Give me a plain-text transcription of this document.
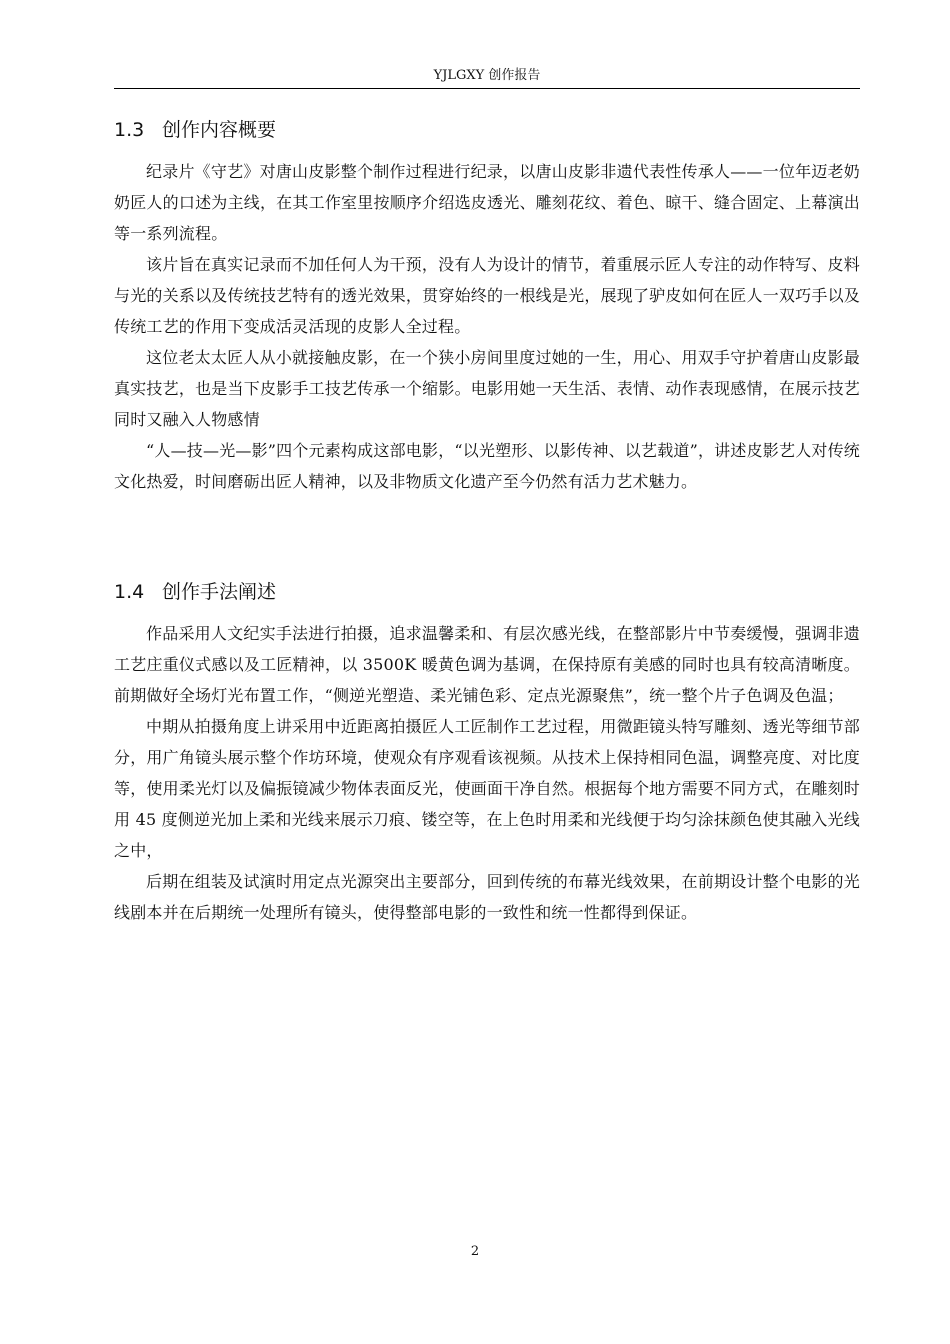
YJLGXY 创作报告
1.3 创作内容概要

纪录片《守艺》对唐山皮影整个制作过程进行纪录，以唐山皮影非遗代表性传承人——一位年迈老奶奶匠人的口述为主线，在其工作室里按顺序介绍选皮透光、雕刻花纹、着色、晾干、缝合固定、上幕演出等一系列流程。

该片旨在真实记录而不加任何人为干预，没有人为设计的情节，着重展示匠人专注的动作特写、皮料与光的关系以及传统技艺特有的透光效果，贯穿始终的一根线是光，展现了驴皮如何在匠人一双巧手以及传统工艺的作用下变成活灵活现的皮影人全过程。

这位老太太匠人从小就接触皮影，在一个狭小房间里度过她的一生，用心、用双手守护着唐山皮影最真实技艺，也是当下皮影手工技艺传承一个缩影。电影用她一天生活、表情、动作表现感情，在展示技艺同时又融入人物感情

“人—技—光—影”四个元素构成这部电影，“以光塑形、以影传神、以艺载道”，讲述皮影艺人对传统文化热爱，时间磨砺出匠人精神，以及非物质文化遗产至今仍然有活力艺术魅力。

1.4 创作手法阐述

作品采用人文纪实手法进行拍摄，追求温馨柔和、有层次感光线，在整部影片中节奏缓慢，强调非遗工艺庄重仪式感以及工匠精神，以 3500K 暖黄色调为基调，在保持原有美感的同时也具有较高清晰度。前期做好全场灯光布置工作，“侧逆光塑造、柔光铺色彩、定点光源聚焦”，统一整个片子色调及色温；

中期从拍摄角度上讲采用中近距离拍摄匠人工匠制作工艺过程，用微距镜头特写雕刻、透光等细节部分，用广角镜头展示整个作坊环境，使观众有序观看该视频。从技术上保持相同色温，调整亮度、对比度等，使用柔光灯以及偏振镜减少物体表面反光，使画面干净自然。根据每个地方需要不同方式，在雕刻时用 45 度侧逆光加上柔和光线来展示刀痕、镂空等，在上色时用柔和光线便于均匀涂抹颜色使其融入光线之中，

后期在组装及试演时用定点光源突出主要部分，回到传统的布幕光线效果，在前期设计整个电影的光线剧本并在后期统一处理所有镜头，使得整部电影的一致性和统一性都得到保证。

2
